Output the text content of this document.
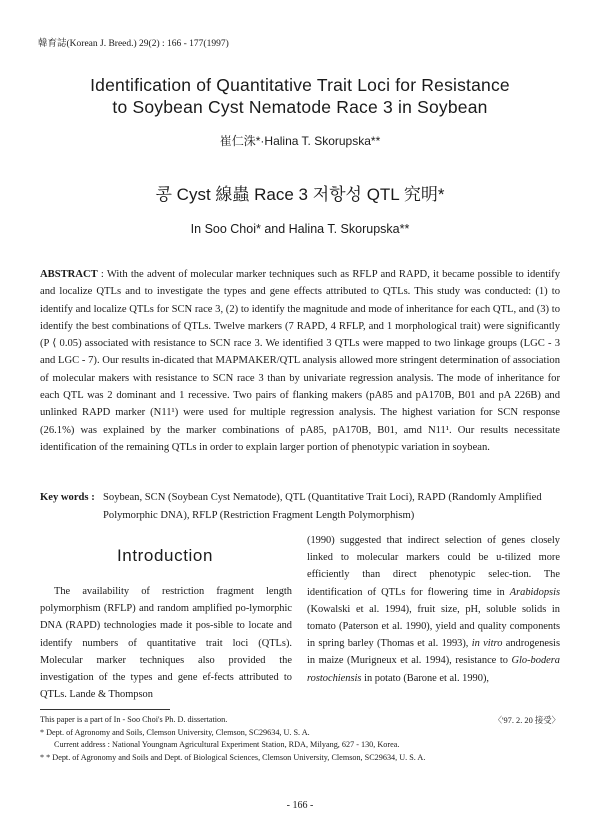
韓育誌(Korean J. Breed.) 29(2) : 166 - 177(1997)
Identification of Quantitative Trait Loci for Resistance
to Soybean Cyst Nematode Race 3 in Soybean
崔仁洙*·Halina T. Skorupska**
콩 Cyst 線蟲 Race 3 저항성 QTL 究明*
In Soo Choi* and Halina T. Skorupska**
ABSTRACT : With the advent of molecular marker techniques such as RFLP and RAPD, it became possible to identify and localize QTLs and to investigate the types and gene effects attributed to QTLs. This study was conducted: (1) to identify and localize QTLs for SCN race 3, (2) to identify the magnitude and mode of inheritance for each QTL, and (3) to identify the best combinations of QTLs. Twelve markers (7 RAPD, 4 RFLP, and 1 morphological trait) were significantly (P ⟨ 0.05) associated with resistance to SCN race 3. We identified 3 QTLs were mapped to two linkage groups (LGC - 3 and LGC - 7). Our results in-dicated that MAPMAKER/QTL analysis allowed more stringent determination of association of molecular makers with resistance to SCN race 3 than by univariate regression analysis. The mode of inheritance for each QTL was 2 dominant and 1 recessive. Two pairs of flanking makers (pA85 and pA170B, B01 and pA 226B) and unlinked RAPD marker (N11¹) were used for multiple regression analysis. The highest variation for SCN response (26.1%) was explained by the marker combinations of pA85, pA170B, B01, amd N11¹. Our results necessitate identification of the remaining QTLs in order to explain larger portion of phenotypic variation in soybean.
Key words : Soybean, SCN (Soybean Cyst Nematode), QTL (Quantitative Trait Loci), RAPD (Randomly Amplified Polymorphic DNA), RFLP (Restriction Fragment Length Polymorphism)
Introduction
The availability of restriction fragment length polymorphism (RFLP) and random amplified po-lymorphic DNA (RAPD) technologies made it pos-sible to locate and identify numbers of quantitative trait loci (QTLs). Molecular marker techniques also provided the investigation of the types and gene ef-fects attributed to QTLs. Lande & Thompson
(1990) suggested that indirect selection of genes closely linked to molecular markers could be u-tilized more efficiently than direct phenotypic selec-tion. The identification of QTLs for flowering time in Arabidopsis (Kowalski et al. 1994), fruit size, pH, soluble solids in tomato (Paterson et al. 1990), yield and quality components in spring barley (Thomas et al. 1993), in vitro androgenesis in maize (Murigneux et al. 1994), resistance to Glo-bodera rostochiensis in potato (Barone et al. 1990),
This paper is a part of In - Soo Choi's Ph. D. dissertation.	〈'97. 2. 20 接受〉
* Dept. of Agronomy and Soils, Clemson University, Clemson, SC29634, U. S. A.
Current address : National Youngnam Agricultural Experiment Station, RDA, Milyang, 627 - 130, Korea.
* * Dept. of Agronomy and Soils and Dept. of Biological Sciences, Clemson University, Clemson, SC29634, U. S. A.
- 166 -
